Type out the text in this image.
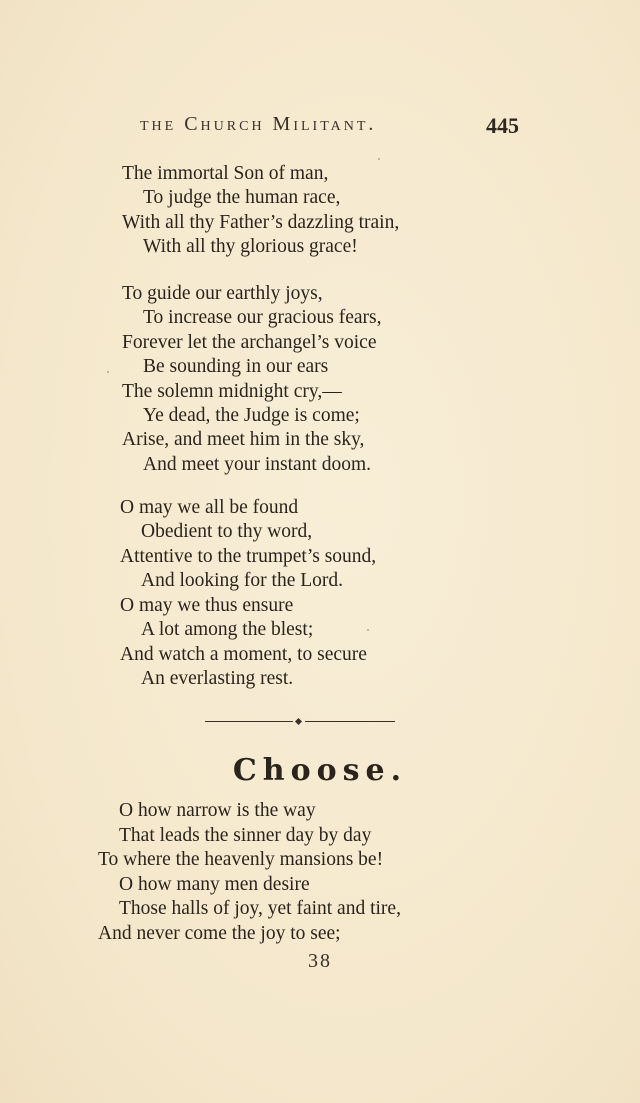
the Church Militant.	445
The immortal Son of man,
To judge the human race,
With all thy Father’s dazzling train,
With all thy glorious grace!
To guide our earthly joys,
To increase our gracious fears,
Forever let the archangel’s voice
Be sounding in our ears
The solemn midnight cry,—
Ye dead, the Judge is come;
Arise, and meet him in the sky,
And meet your instant doom.
O may we all be found
Obedient to thy word,
Attentive to the trumpet’s sound,
And looking for the Lord.
O may we thus ensure
A lot among the blest;
And watch a moment, to secure
An everlasting rest.
Choose.
O how narrow is the way
That leads the sinner day by day
To where the heavenly mansions be!
O how many men desire
Those halls of joy, yet faint and tire,
And never come the joy to see;
38
